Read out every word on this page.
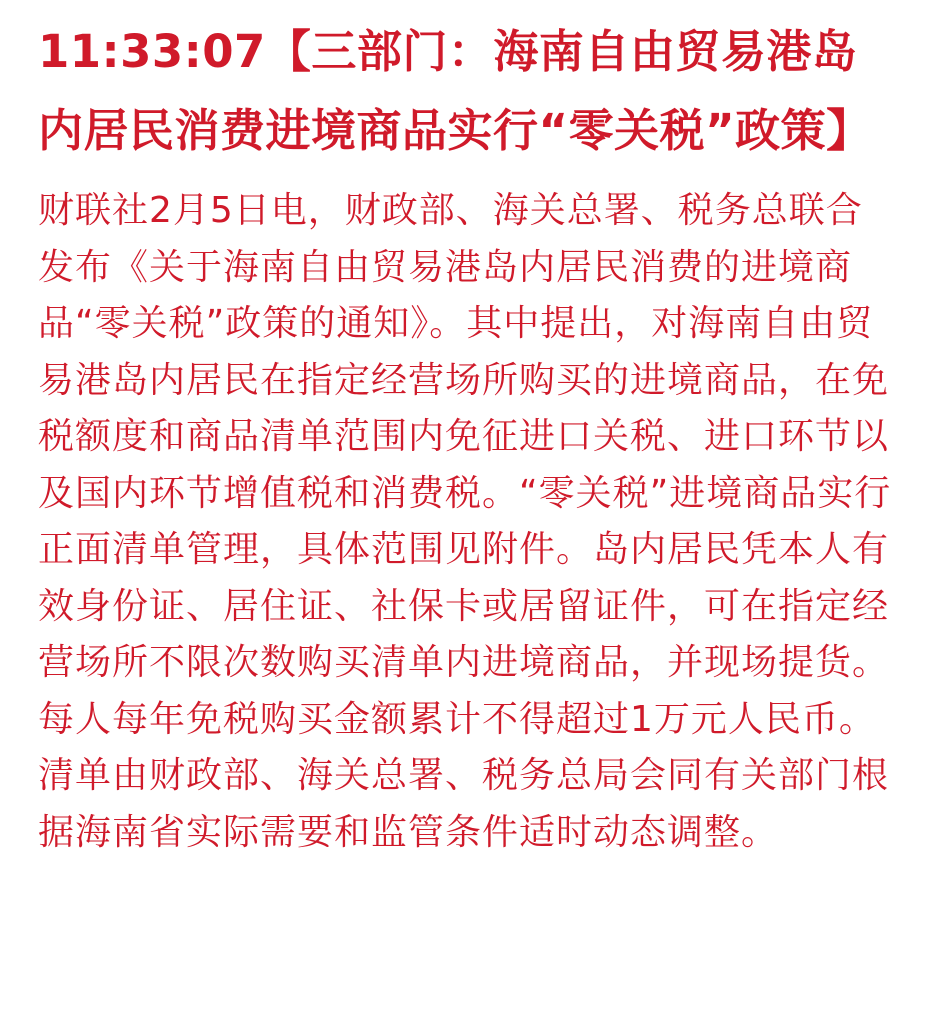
11:33:07【三部门：海南自由贸易港岛内居民消费进境商品实行“零关税”政策】

财联社2月5日电，财政部、海关总署、税务总联合发布《关于海南自由贸易港岛内居民消费的进境商品“零关税”政策的通知》。其中提出，对海南自由贸易港岛内居民在指定经营场所购买的进境商品，在免税额度和商品清单范围内免征进口关税、进口环节以及国内环节增值税和消费税。“零关税”进境商品实行正面清单管理，具体范围见附件。岛内居民凭本人有效身份证、居住证、社保卡或居留证件，可在指定经营场所不限次数购买清单内进境商品，并现场提货。每人每年免税购买金额累计不得超过1万元人民币。清单由财政部、海关总署、税务总局会同有关部门根据海南省实际需要和监管条件适时动态调整。
